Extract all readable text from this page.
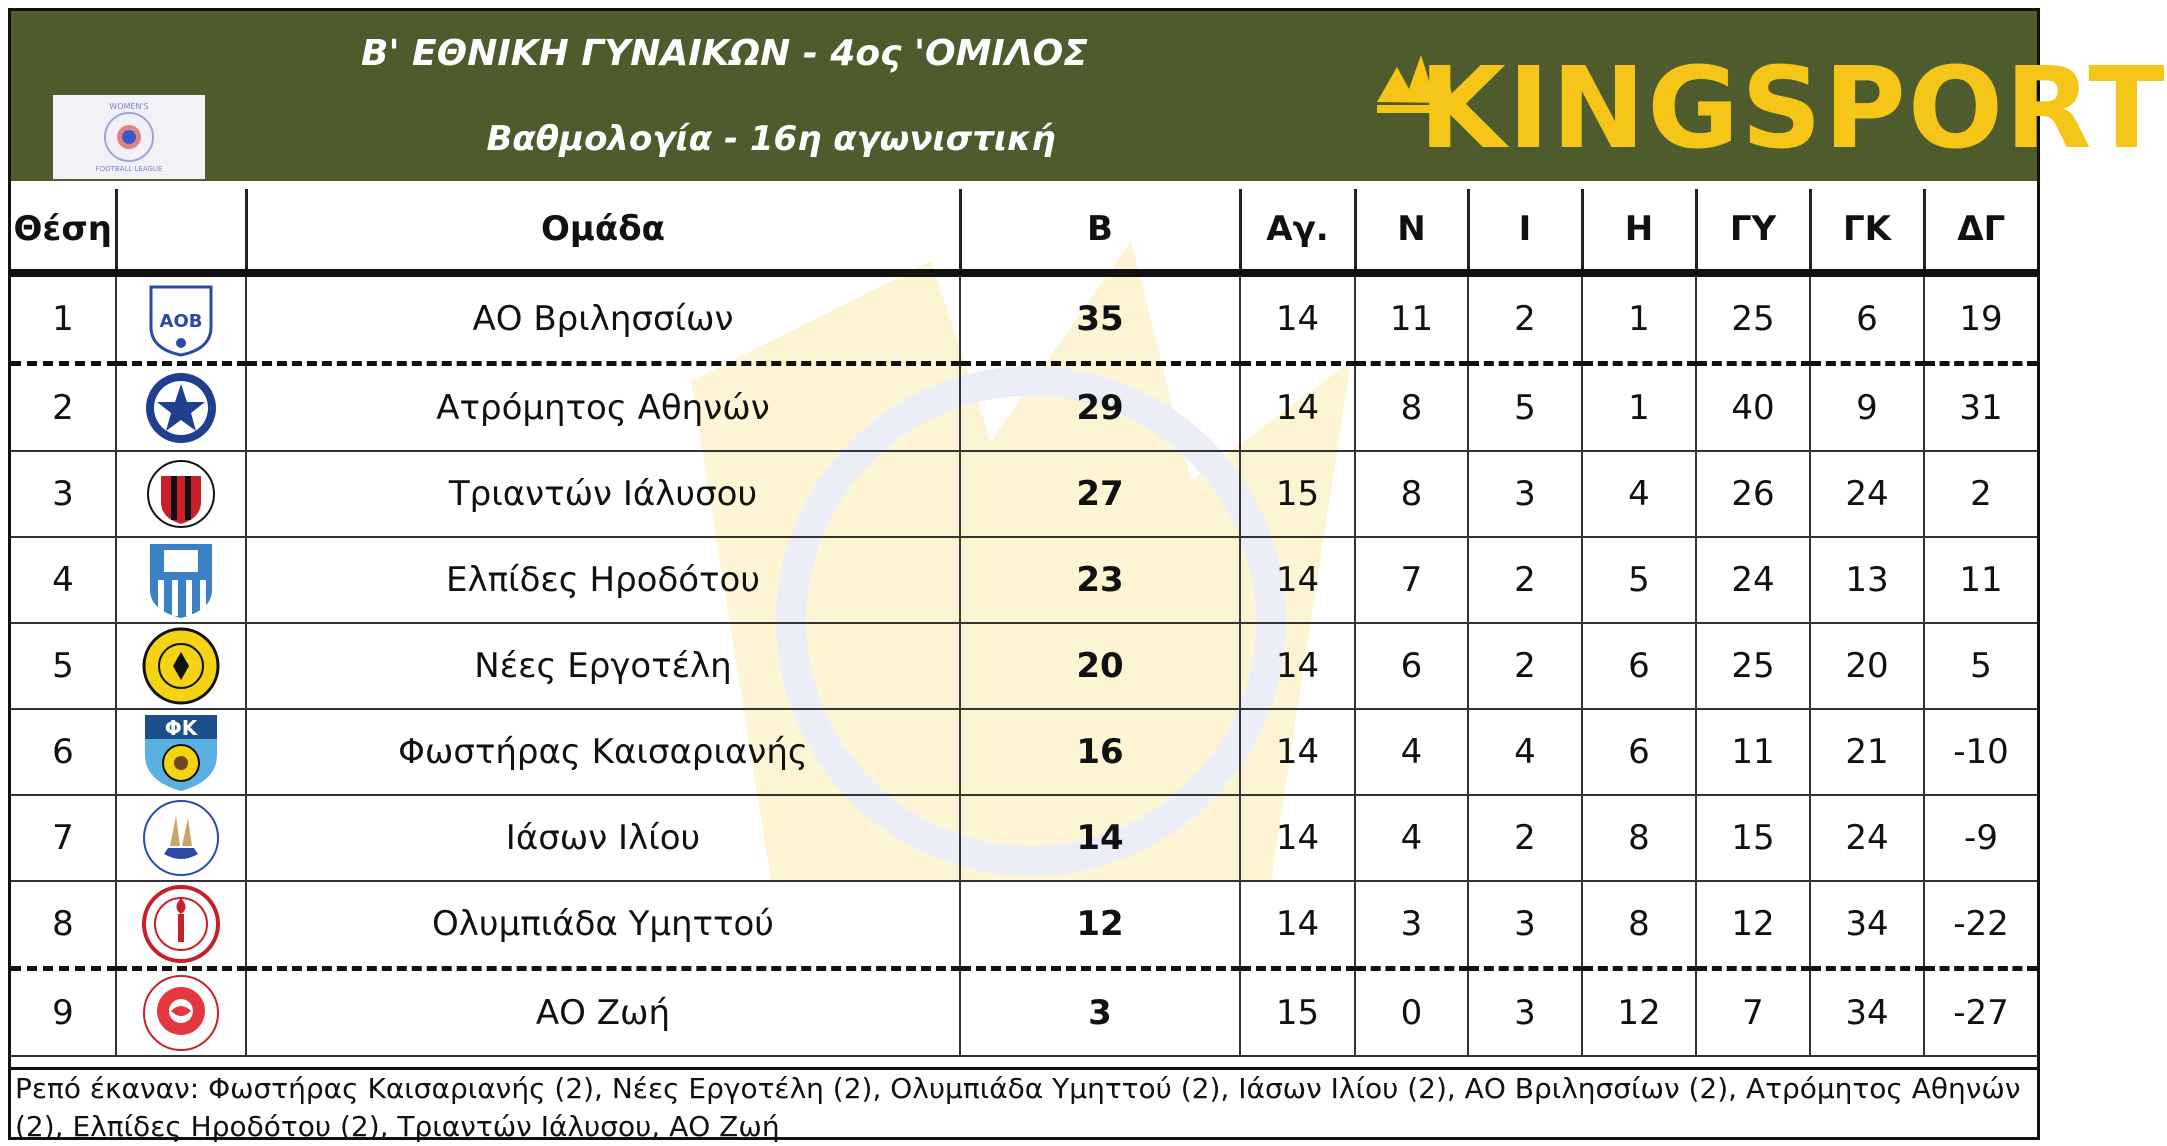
Β' ΕΘΝΙΚΗ ΓΥΝΑΙΚΩΝ - 4ος 'ΟΜΙΛΟΣ
Βαθμολογία - 16η αγωνιστική
WOMEN'S
FOOTBALL LEAGUE	KINGSPORT
Θέση		Ομάδα	Β	Αγ.	Ν	Ι	Η	ΓΥ	ΓΚ	ΔΓ
1	ΑΟΒ	ΑΟ Βριλησσίων	35	14	11	2	1	25	6	19
2		Ατρόμητος Αθηνών	29	14	8	5	1	40	9	31
3		Τριαντών Ιάλυσου	27	15	8	3	4	26	24	2
4		Ελπίδες Ηροδότου	23	14	7	2	5	24	13	11
5		Νέες Εργοτέλη	20	14	6	2	6	25	20	5
6	ΦΚ	Φωστήρας Καισαριανής	16	14	4	4	6	11	21	-10
7		Ιάσων Ιλίου	14	14	4	2	8	15	24	-9
8		Ολυμπιάδα Υμηττού	12	14	3	3	8	12	34	-22
9		ΑΟ Ζωή	3	15	0	3	12	7	34	-27
Ρεπό έκαναν: Φωστήρας Καισαριανής (2), Νέες Εργοτέλη (2), Ολυμπιάδα Υμηττού (2), Ιάσων Ιλίου (2), ΑΟ Βριλησσίων (2), Ατρόμητος Αθηνών (2), Ελπίδες Ηροδότου (2), Τριαντών Ιάλυσου, ΑΟ Ζωή
